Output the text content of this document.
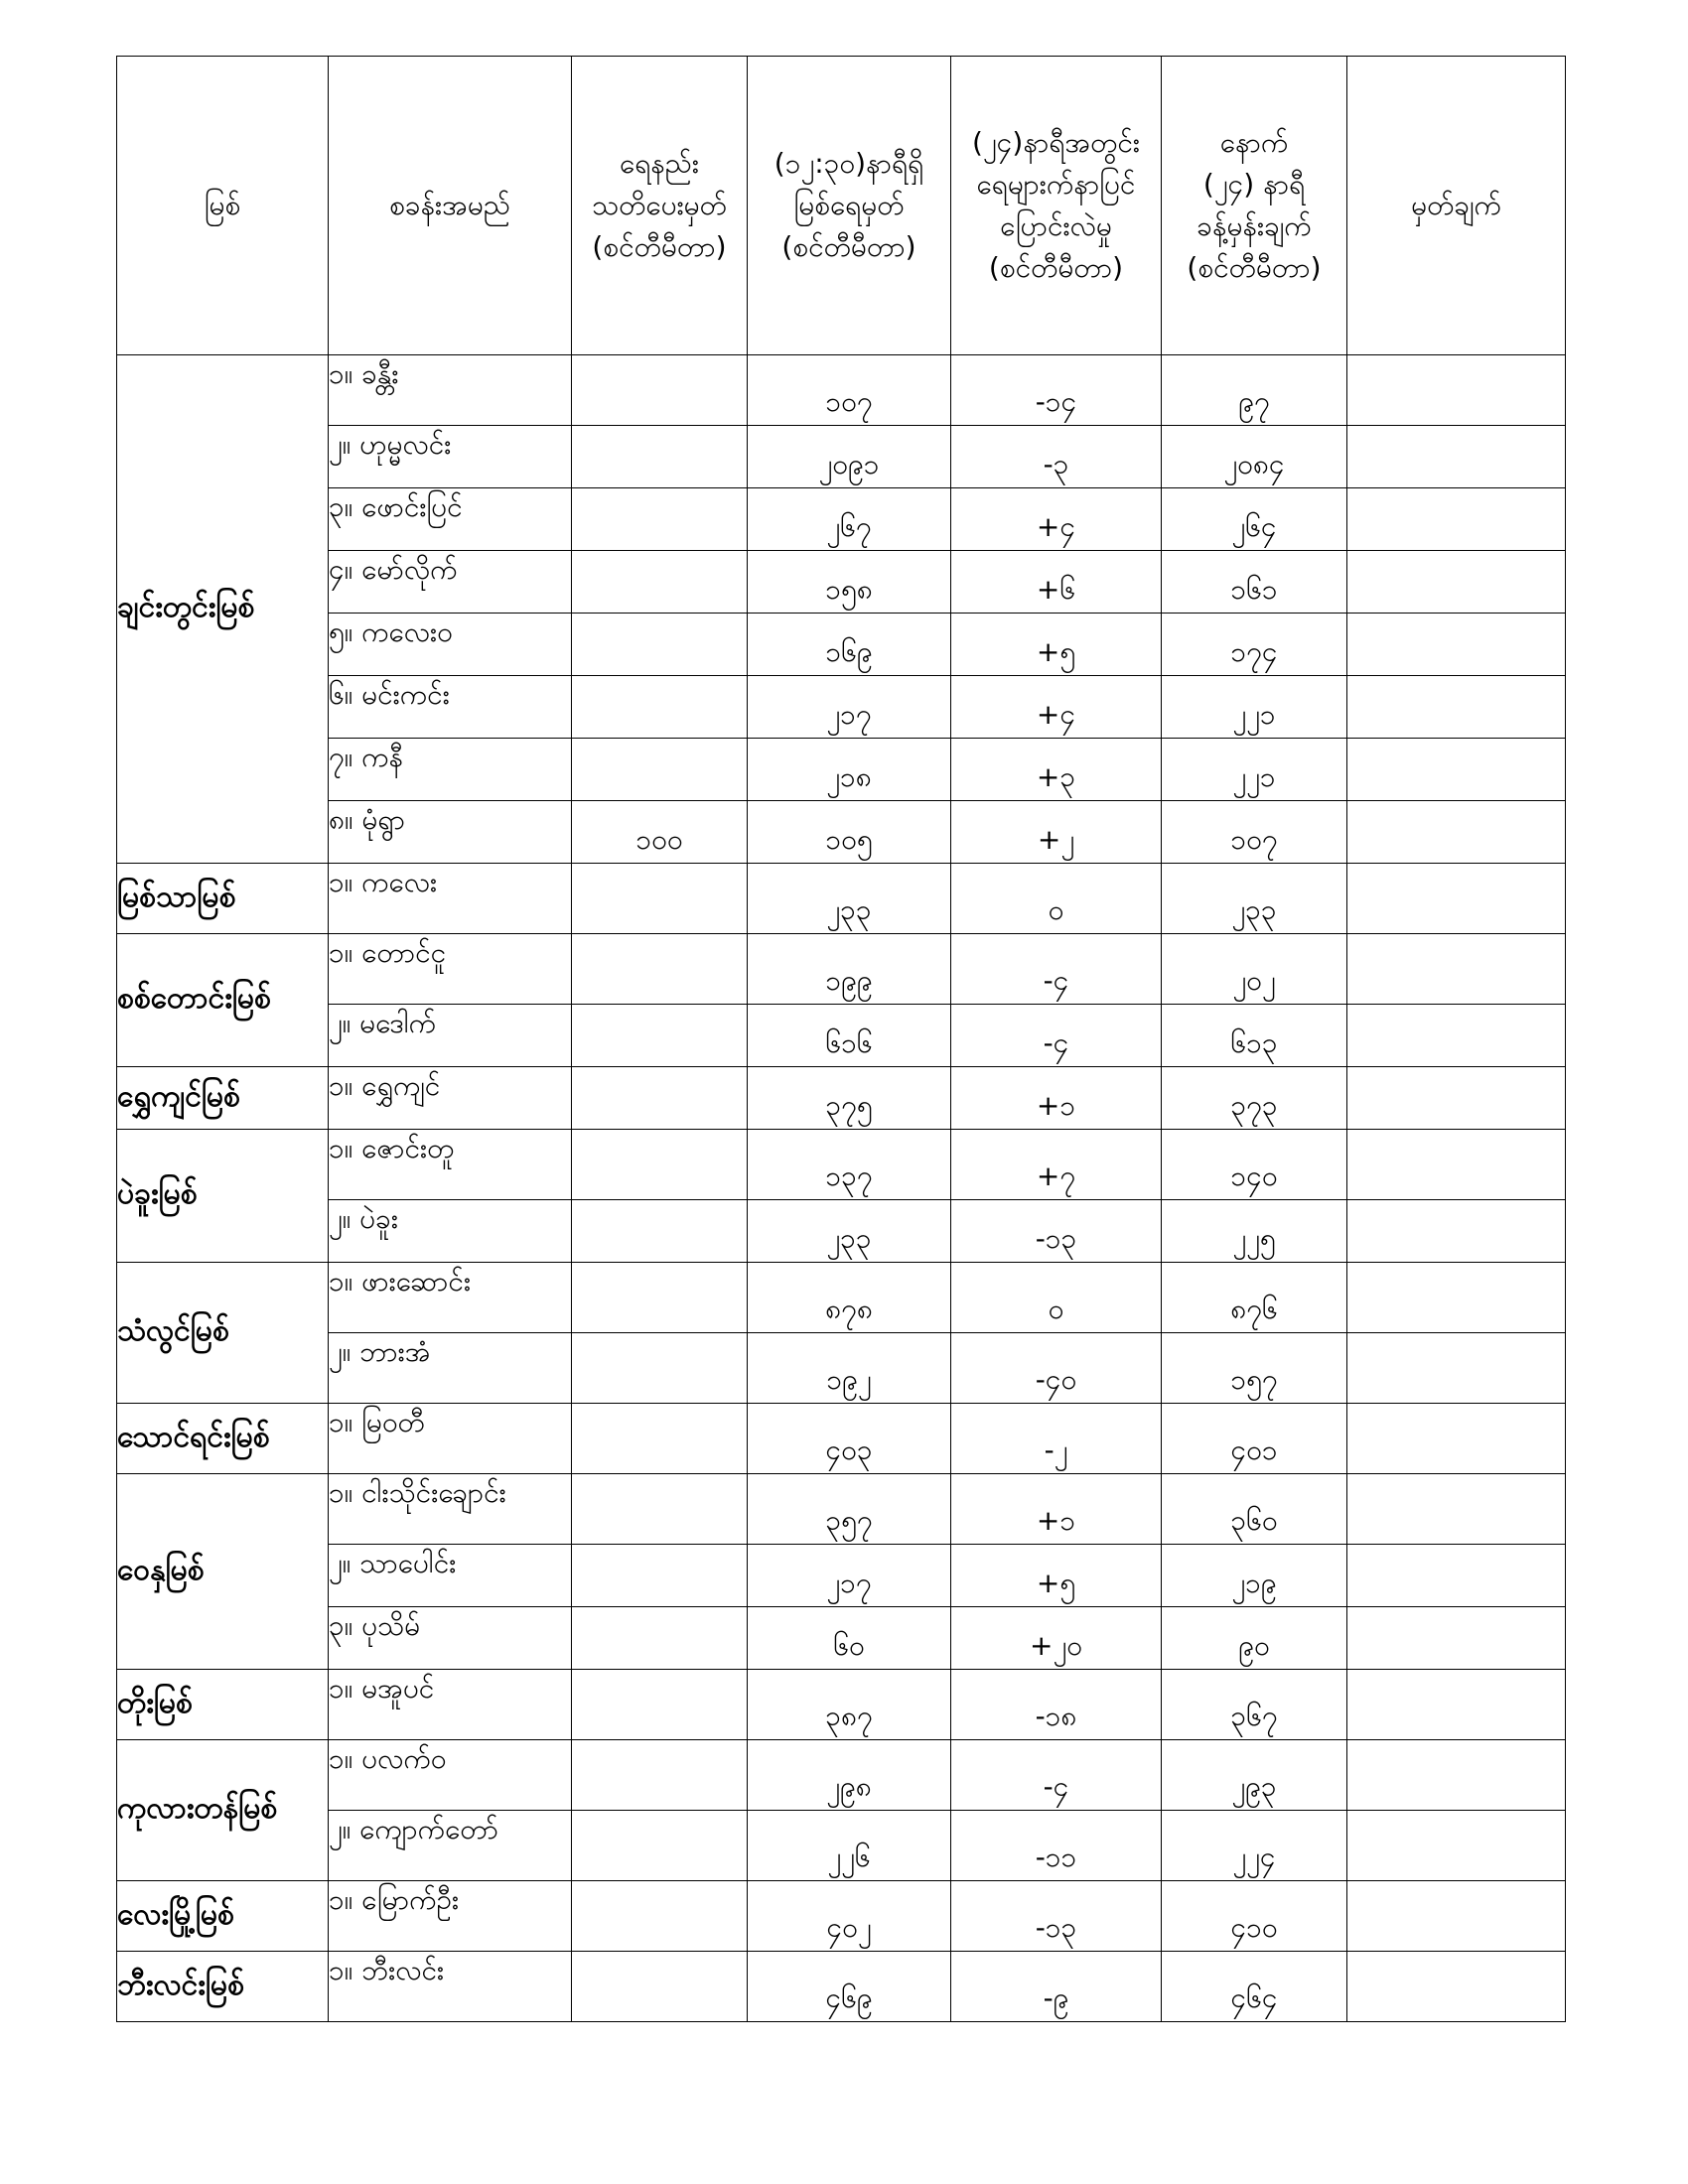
မြစ်	စခန်းအမည်	ရေနည်း
သတိပေးမှတ်
(စင်တီမီတာ)	(၁၂:၃၀)နာရီရှိ
မြစ်ရေမှတ်
(စင်တီမီတာ)	(၂၄)နာရီအတွင်း
ရေများက်နာပြင်
ပြောင်းလဲမှု
(စင်တီမီတာ)	နောက်
(၂၄) နာရီ
ခန့်မှန်းချက်
(စင်တီမီတာ)	မှတ်ချက်

ချင်းတွင်းမြစ်	၁။ ခန္တီး		၁၀၇	-၁၄	၉၇	
	၂။ ဟုမ္မလင်း		၂၀၉၁	-၃	၂၀၈၄	
	၃။ ဖောင်းပြင်		၂၆၇	+၄	၂၆၄	
	၄။ မော်လိုက်		၁၅၈	+၆	၁၆၁	
	၅။ ကလေးဝ		၁၆၉	+၅	၁၇၄	
	၆။ မင်းကင်း		၂၁၇	+၄	၂၂၁	
	၇။ ကနီ		၂၁၈	+၃	၂၂၁	
	၈။ မုံရွာ	၁၀၀	၁၀၅	+၂	၁၀၇	
မြစ်သာမြစ်	၁။ ကလေး		၂၃၃	၀	၂၃၃	
စစ်တောင်းမြစ်	၁။ တောင်ငူ		၁၉၉	-၄	၂၀၂	
	၂။ မဒေါက်		၆၁၆	-၄	၆၁၃	
ရွှေကျင်မြစ်	၁။ ရွှေကျင်		၃၇၅	+၁	၃၇၃	
ပဲခူးမြစ်	၁။ ဇောင်းတူ		၁၃၇	+၇	၁၄၀	
	၂။ ပဲခူး		၂၃၃	-၁၃	၂၂၅	
သံလွင်မြစ်	၁။ ဖားဆောင်း		၈၇၈	၀	၈၇၆	
	၂။ ဘားအံ		၁၉၂	-၄၀	၁၅၇	
သောင်ရင်းမြစ်	၁။ မြဝတီ		၄၀၃	-၂	၄၀၁	
ဝေနှမြစ်	၁။ ငါးသိုင်းချောင်း		၃၅၇	+၁	၃၆၀	
	၂။ သာပေါင်း		၂၁၇	+၅	၂၁၉	
	၃။ ပုသိမ်		၆၀	+၂၀	၉၀	
တိုးမြစ်	၁။ မအူပင်		၃၈၇	-၁၈	၃၆၇	
ကုလားတန်မြစ်	၁။ ပလက်ဝ		၂၉၈	-၄	၂၉၃	
	၂။ ကျောက်တော်		၂၂၆	-၁၁	၂၂၄	
လေးမြို့မြစ်	၁။ မြောက်ဦး		၄၀၂	-၁၃	၄၁၀	
ဘီးလင်းမြစ်	၁။ ဘီးလင်း		၄၆၉	-၉	၄၆၄	
